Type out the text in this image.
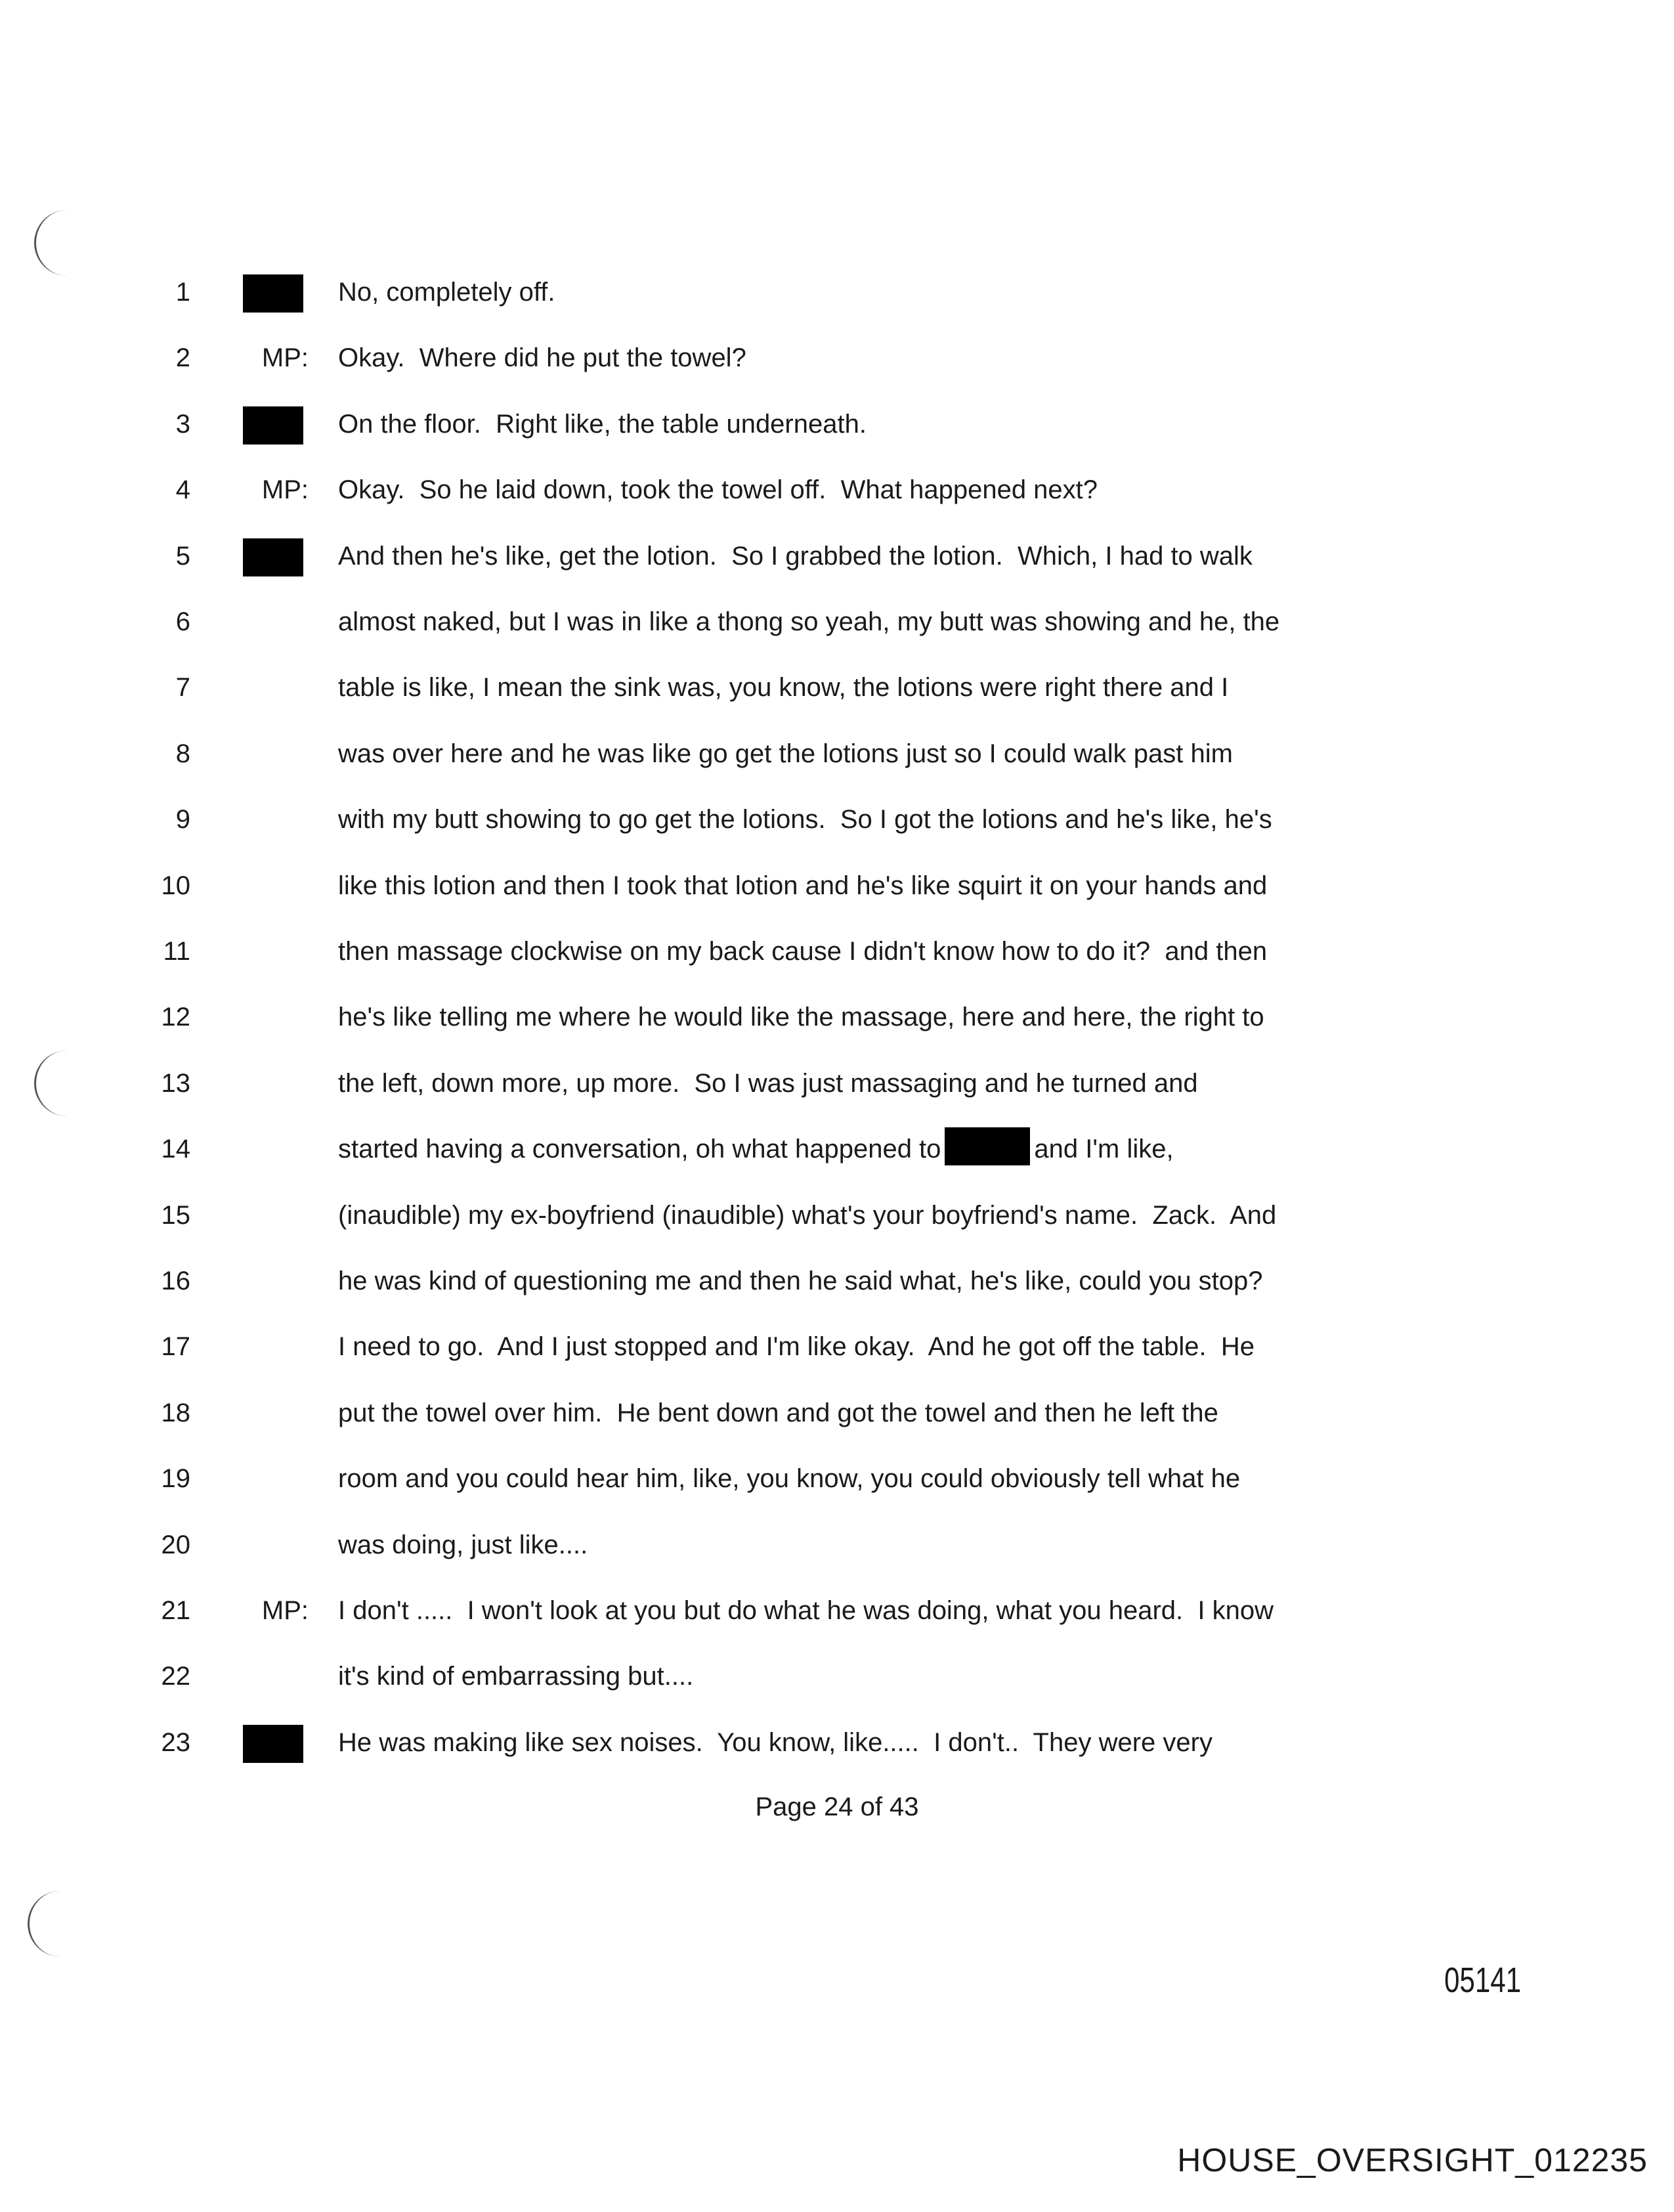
1	No, completely off.
2	MP: Okay.  Where did he put the towel?
3	On the floor.  Right like, the table underneath.
4	MP: Okay.  So he laid down, took the towel off.  What happened next?
5	And then he's like, get the lotion.  So I grabbed the lotion.  Which, I had to walk
6	almost naked, but I was in like a thong so yeah, my butt was showing and he, the
7	table is like, I mean the sink was, you know, the lotions were right there and I
8	was over here and he was like go get the lotions just so I could walk past him
9	with my butt showing to go get the lotions.  So I got the lotions and he's like, he's
10	like this lotion and then I took that lotion and he's like squirt it on your hands and
11	then massage clockwise on my back cause I didn't know how to do it?  and then
12	he's like telling me where he would like the massage, here and here, the right to
13	the left, down more, up more.  So I was just massaging and he turned and
14	started having a conversation, oh what happened to	and I'm like,
15	(inaudible) my ex-boyfriend (inaudible) what's your boyfriend's name.  Zack.  And
16	he was kind of questioning me and then he said what, he's like, could you stop?
17	I need to go.  And I just stopped and I'm like okay.  And he got off the table.  He
18	put the towel over him.  He bent down and got the towel and then he left the
19	room and you could hear him, like, you know, you could obviously tell what he
20	was doing, just like....
21	MP: I don't .....  I won't look at you but do what he was doing, what you heard.  I know
22	it's kind of embarrassing but....
23	He was making like sex noises.  You know, like.....  I don't..  They were very
Page 24 of 43
05141
HOUSE_OVERSIGHT_012235
